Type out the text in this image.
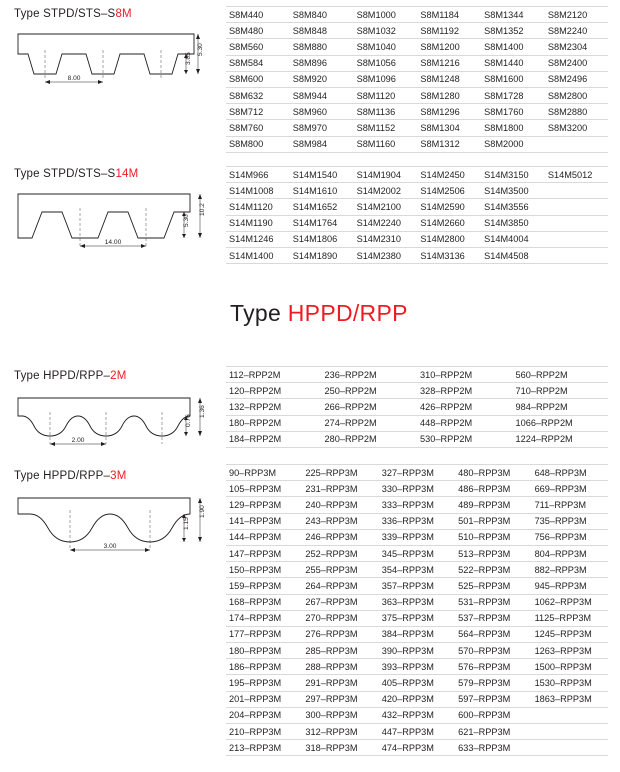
Type STPD/STS–S8M
8.00
5.30
3.05
S8M440	S8M840	S8M1000	S8M1184	S8M1344	S8M2120
S8M480	S8M848	S8M1032	S8M1192	S8M1352	S8M2240
S8M560	S8M880	S8M1040	S8M1200	S8M1400	S8M2304
S8M584	S8M896	S8M1056	S8M1216	S8M1440	S8M2400
S8M600	S8M920	S8M1096	S8M1248	S8M1600	S8M2496
S8M632	S8M944	S8M1120	S8M1280	S8M1728	S8M2800
S8M712	S8M960	S8M1136	S8M1296	S8M1760	S8M2880
S8M760	S8M970	S8M1152	S8M1304	S8M1800	S8M3200
S8M800	S8M984	S8M1160	S8M1312	S8M2000	
Type STPD/STS–S14M
14.00
10.2
5.30
S14M966	S14M1540	S14M1904	S14M2450	S14M3150	S14M5012
S14M1008	S14M1610	S14M2002	S14M2506	S14M3500	
S14M1120	S14M1652	S14M2100	S14M2590	S14M3556	
S14M1190	S14M1764	S14M2240	S14M2660	S14M3850	
S14M1246	S14M1806	S14M2310	S14M2800	S14M4004	
S14M1400	S14M1890	S14M2380	S14M3136	S14M4508	
Type HPPD/RPP
Type HPPD/RPP–2M
2.00
1.36
0.76
112–RPP2M	236–RPP2M	310–RPP2M	560–RPP2M
120–RPP2M	250–RPP2M	328–RPP2M	710–RPP2M
132–RPP2M	266–RPP2M	426–RPP2M	984–RPP2M
180–RPP2M	274–RPP2M	448–RPP2M	1066–RPP2M
184–RPP2M	280–RPP2M	530–RPP2M	1224–RPP2M
Type HPPD/RPP–3M
3.00
1.90
1.15
90–RPP3M	225–RPP3M	327–RPP3M	480–RPP3M	648–RPP3M
105–RPP3M	231–RPP3M	330–RPP3M	486–RPP3M	669–RPP3M
129–RPP3M	240–RPP3M	333–RPP3M	489–RPP3M	711–RPP3M
141–RPP3M	243–RPP3M	336–RPP3M	501–RPP3M	735–RPP3M
144–RPP3M	246–RPP3M	339–RPP3M	510–RPP3M	756–RPP3M
147–RPP3M	252–RPP3M	345–RPP3M	513–RPP3M	804–RPP3M
150–RPP3M	255–RPP3M	354–RPP3M	522–RPP3M	882–RPP3M
159–RPP3M	264–RPP3M	357–RPP3M	525–RPP3M	945–RPP3M
168–RPP3M	267–RPP3M	363–RPP3M	531–RPP3M	1062–RPP3M
174–RPP3M	270–RPP3M	375–RPP3M	537–RPP3M	1125–RPP3M
177–RPP3M	276–RPP3M	384–RPP3M	564–RPP3M	1245–RPP3M
180–RPP3M	285–RPP3M	390–RPP3M	570–RPP3M	1263–RPP3M
186–RPP3M	288–RPP3M	393–RPP3M	576–RPP3M	1500–RPP3M
195–RPP3M	291–RPP3M	405–RPP3M	579–RPP3M	1530–RPP3M
201–RPP3M	297–RPP3M	420–RPP3M	597–RPP3M	1863–RPP3M
204–RPP3M	300–RPP3M	432–RPP3M	600–RPP3M	
210–RPP3M	312–RPP3M	447–RPP3M	621–RPP3M	
213–RPP3M	318–RPP3M	474–RPP3M	633–RPP3M	
